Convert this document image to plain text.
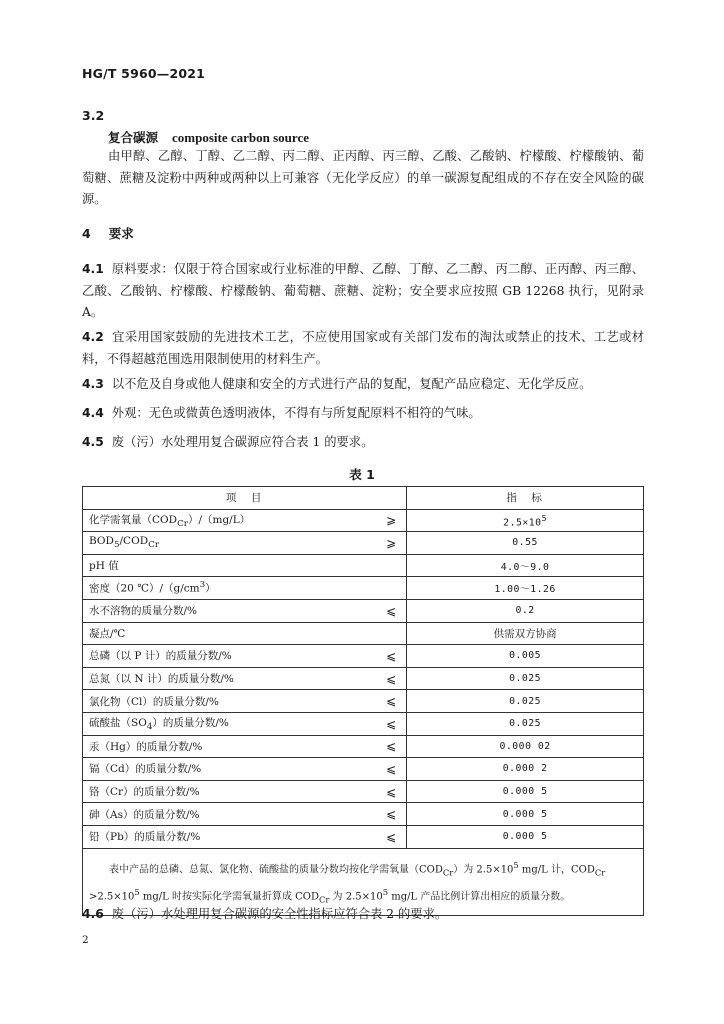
HG/T 5960—2021
3.2
复合碳源 composite carbon source
由甲醇、乙醇、丁醇、乙二醇、丙二醇、正丙醇、丙三醇、乙酸、乙酸钠、柠檬酸、柠檬酸钠、葡萄糖、蔗糖及淀粉中两种或两种以上可兼容（无化学反应）的单一碳源复配组成的不存在安全风险的碳源。
4 要求
4.1 原料要求：仅限于符合国家或行业标准的甲醇、乙醇、丁醇、乙二醇、丙二醇、正丙醇、丙三醇、乙酸、乙酸钠、柠檬酸、柠檬酸钠、葡萄糖、蔗糖、淀粉；安全要求应按照 GB 12268 执行，见附录 A。
4.2 宜采用国家鼓励的先进技术工艺，不应使用国家或有关部门发布的淘汰或禁止的技术、工艺或材料，不得超越范围选用限制使用的材料生产。
4.3 以不危及自身或他人健康和安全的方式进行产品的复配，复配产品应稳定、无化学反应。
4.4 外观：无色或微黄色透明液体，不得有与所复配原料不相符的气味。
4.5 废（污）水处理用复合碳源应符合表 1 的要求。
表 1
项　目		指　标
化学需氧量$(COD_{Cr})/(mg/L)$	⩾	$2.5\times 10^5$
$BOD_5/COD_{Cr}$	⩾	0.55
pH 值		4.0～9.0
密度（20 $℃)/(g/cm^3)$		1.00～1.26
水不溶物的质量分数/%	⩽	0.2
凝点/℃		供需双方协商
总磷（以 P 计）的质量分数/%	⩽	0.005
总氮（以 N 计）的质量分数/%	⩽	0.025
氯化物（Cl）的质量分数/%	⩽	0.025
硫酸盐$(SO_4)$的质量分数/%	⩽	0.025
汞（Hg）的质量分数/%	⩽	0.000 02
镉（Cd）的质量分数/%	⩽	0.000 2
铬（Cr）的质量分数/%	⩽	0.000 5
砷（As）的质量分数/%	⩽	0.000 5
铅（Pb）的质量分数/%	⩽	0.000 5
表中产品的总磷、总氮、氯化物、硫酸盐的质量分数均按化学需氧量$(COD_{Cr})$为 $2.5\times 10^5$ mg/L 计，$COD_{Cr} >2.5\times 10^5$ mg/L 时按实际化学需氧量折算成 $COD_{Cr}$ 为 $2.5\times 10^5$ mg/L 产品比例计算出相应的质量分数。		
4.6 废（污）水处理用复合碳源的安全性指标应符合表 2 的要求。
2
